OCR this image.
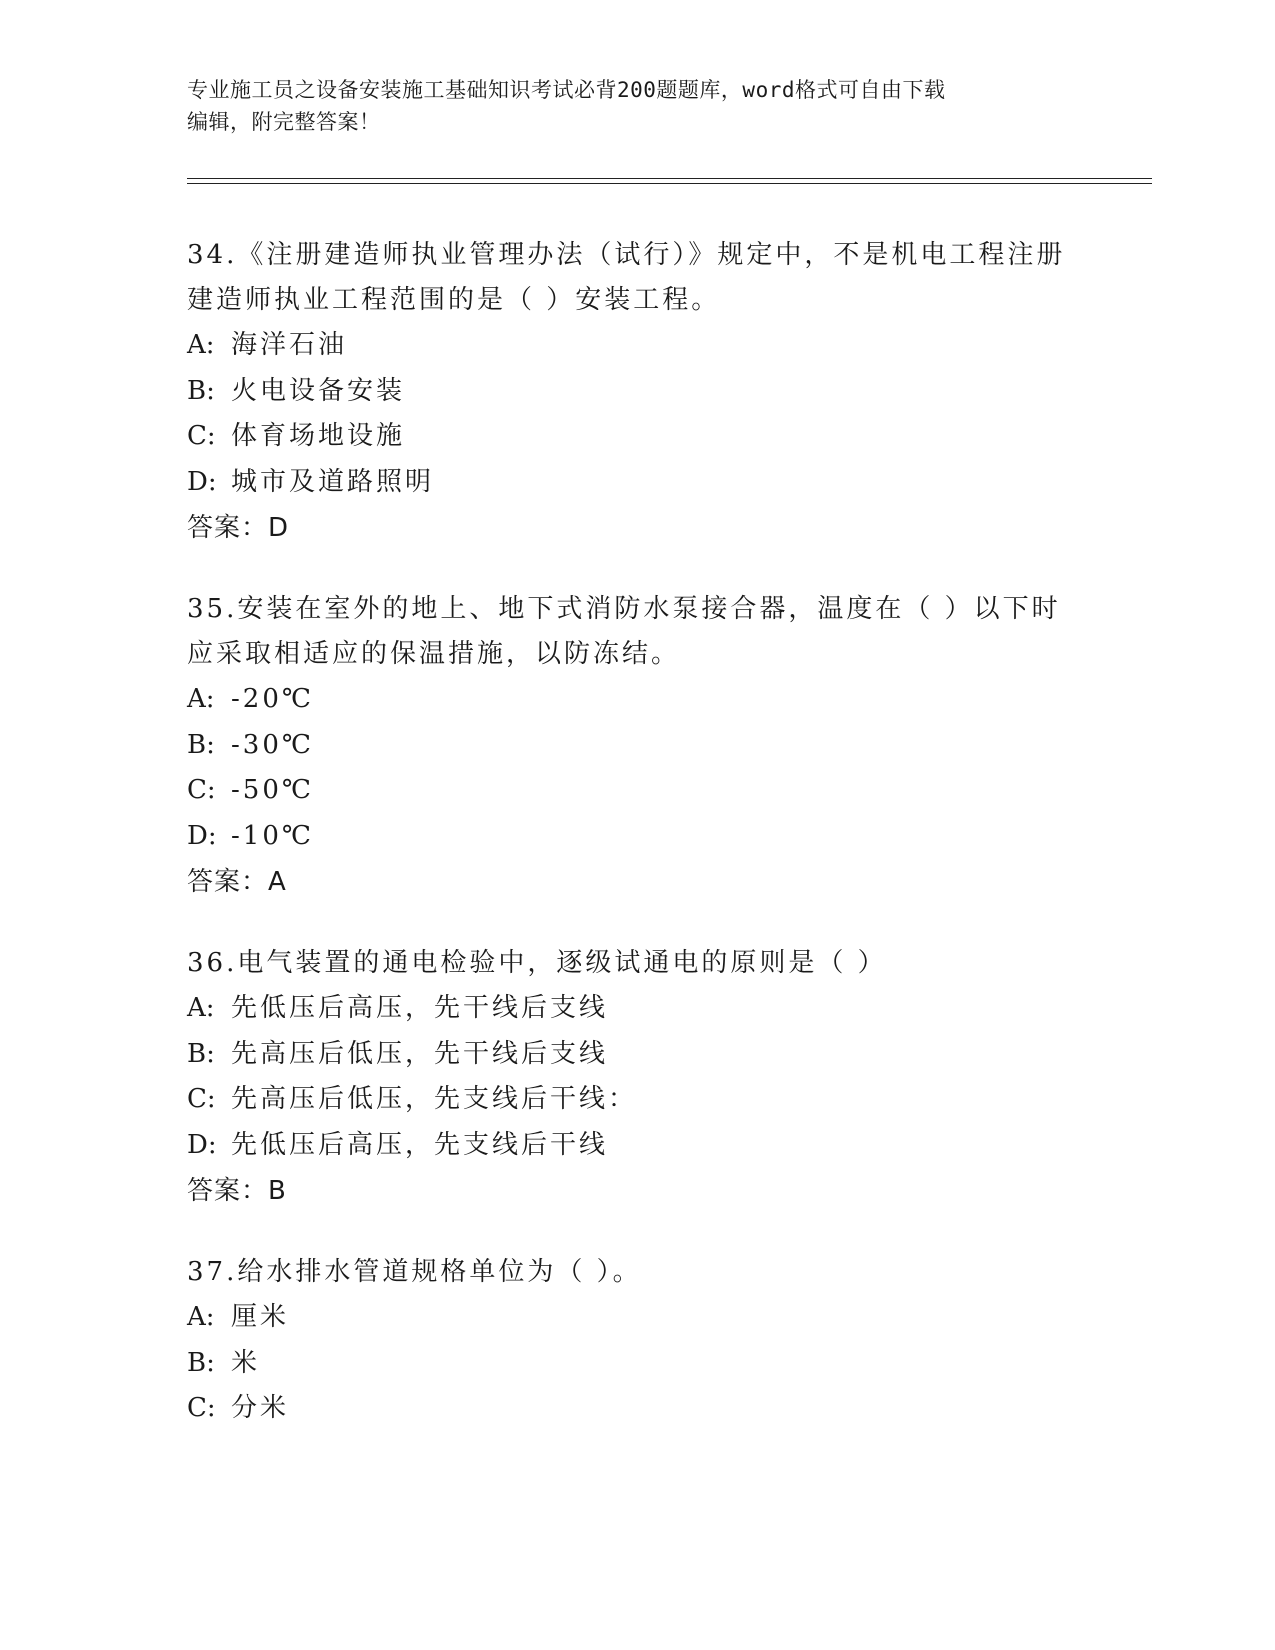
专业施工员之设备安装施工基础知识考试必背200题题库，word格式可自由下载
编辑，附完整答案！

34.《注册建造师执业管理办法（试行）》规定中，不是机电工程注册建造师执业工程范围的是（ ）安装工程。

A: 海洋石油
B: 火电设备安装
C: 体育场地设施
D: 城市及道路照明

答案：D

35.安装在室外的地上、地下式消防水泵接合器，温度在（ ）以下时应采取相适应的保温措施，以防冻结。

A: -20℃
B: -30℃
C: -50℃
D: -10℃

答案：A

36.电气装置的通电检验中，逐级试通电的原则是（ ）

A: 先低压后高压，先干线后支线
B: 先高压后低压，先干线后支线
C: 先高压后低压，先支线后干线：
D: 先低压后高压，先支线后干线

答案：B

37.给水排水管道规格单位为（ ）。

A: 厘米
B: 米
C: 分米
